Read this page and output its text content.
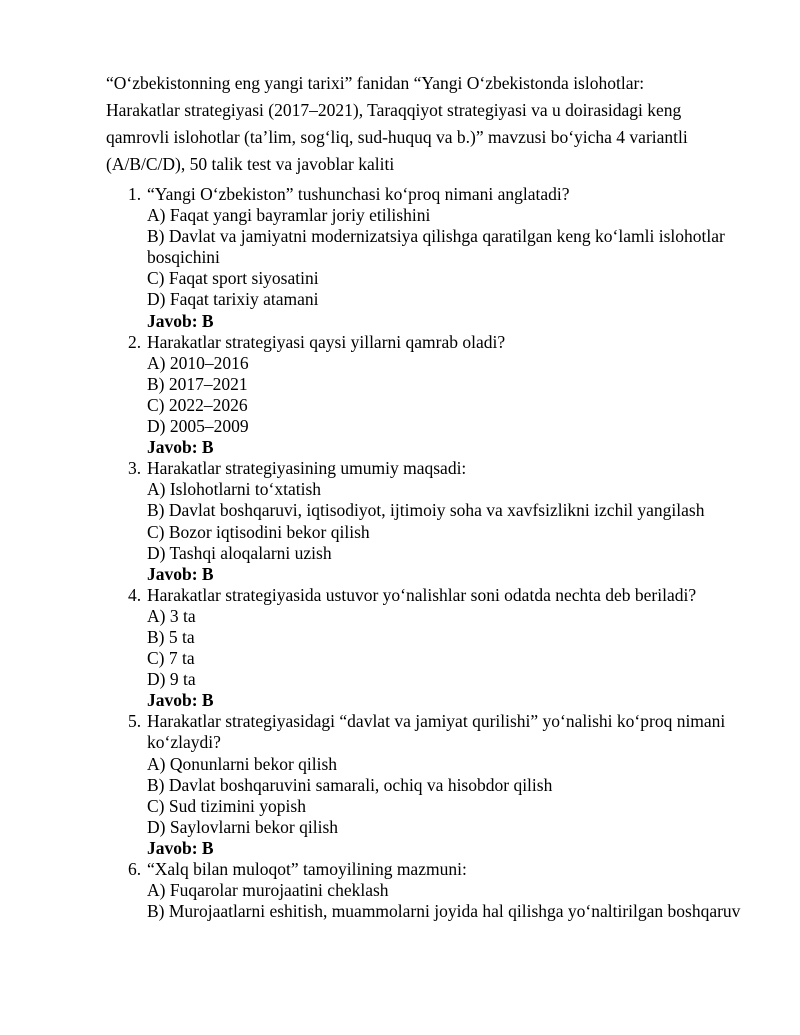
“O‘zbekistonning eng yangi tarixi” fanidan “Yangi O‘zbekistonda islohotlar: Harakatlar strategiyasi (2017–2021), Taraqqiyot strategiyasi va u doirasidagi keng qamrovli islohotlar (ta’lim, sog‘liq, sud-huquq va b.)” mavzusi bo‘yicha 4 variantli (A/B/C/D), 50 talik test va javoblar kaliti

1. “Yangi O‘zbekiston” tushunchasi ko‘proq nimani anglatadi?
A) Faqat yangi bayramlar joriy etilishini
B) Davlat va jamiyatni modernizatsiya qilishga qaratilgan keng ko‘lamli islohotlar bosqichini
C) Faqat sport siyosatini
D) Faqat tarixiy atamani
Javob: B
2. Harakatlar strategiyasi qaysi yillarni qamrab oladi?
A) 2010–2016
B) 2017–2021
C) 2022–2026
D) 2005–2009
Javob: B
3. Harakatlar strategiyasining umumiy maqsadi:
A) Islohotlarni to‘xtatish
B) Davlat boshqaruvi, iqtisodiyot, ijtimoiy soha va xavfsizlikni izchil yangilash
C) Bozor iqtisodini bekor qilish
D) Tashqi aloqalarni uzish
Javob: B
4. Harakatlar strategiyasida ustuvor yo‘nalishlar soni odatda nechta deb beriladi?
A) 3 ta
B) 5 ta
C) 7 ta
D) 9 ta
Javob: B
5. Harakatlar strategiyasidagi “davlat va jamiyat qurilishi” yo‘nalishi ko‘proq nimani ko‘zlaydi?
A) Qonunlarni bekor qilish
B) Davlat boshqaruvini samarali, ochiq va hisobdor qilish
C) Sud tizimini yopish
D) Saylovlarni bekor qilish
Javob: B
6. “Xalq bilan muloqot” tamoyilining mazmuni:
A) Fuqarolar murojaatini cheklash
B) Murojaatlarni eshitish, muammolarni joyida hal qilishga yo‘naltirilgan boshqaruv
